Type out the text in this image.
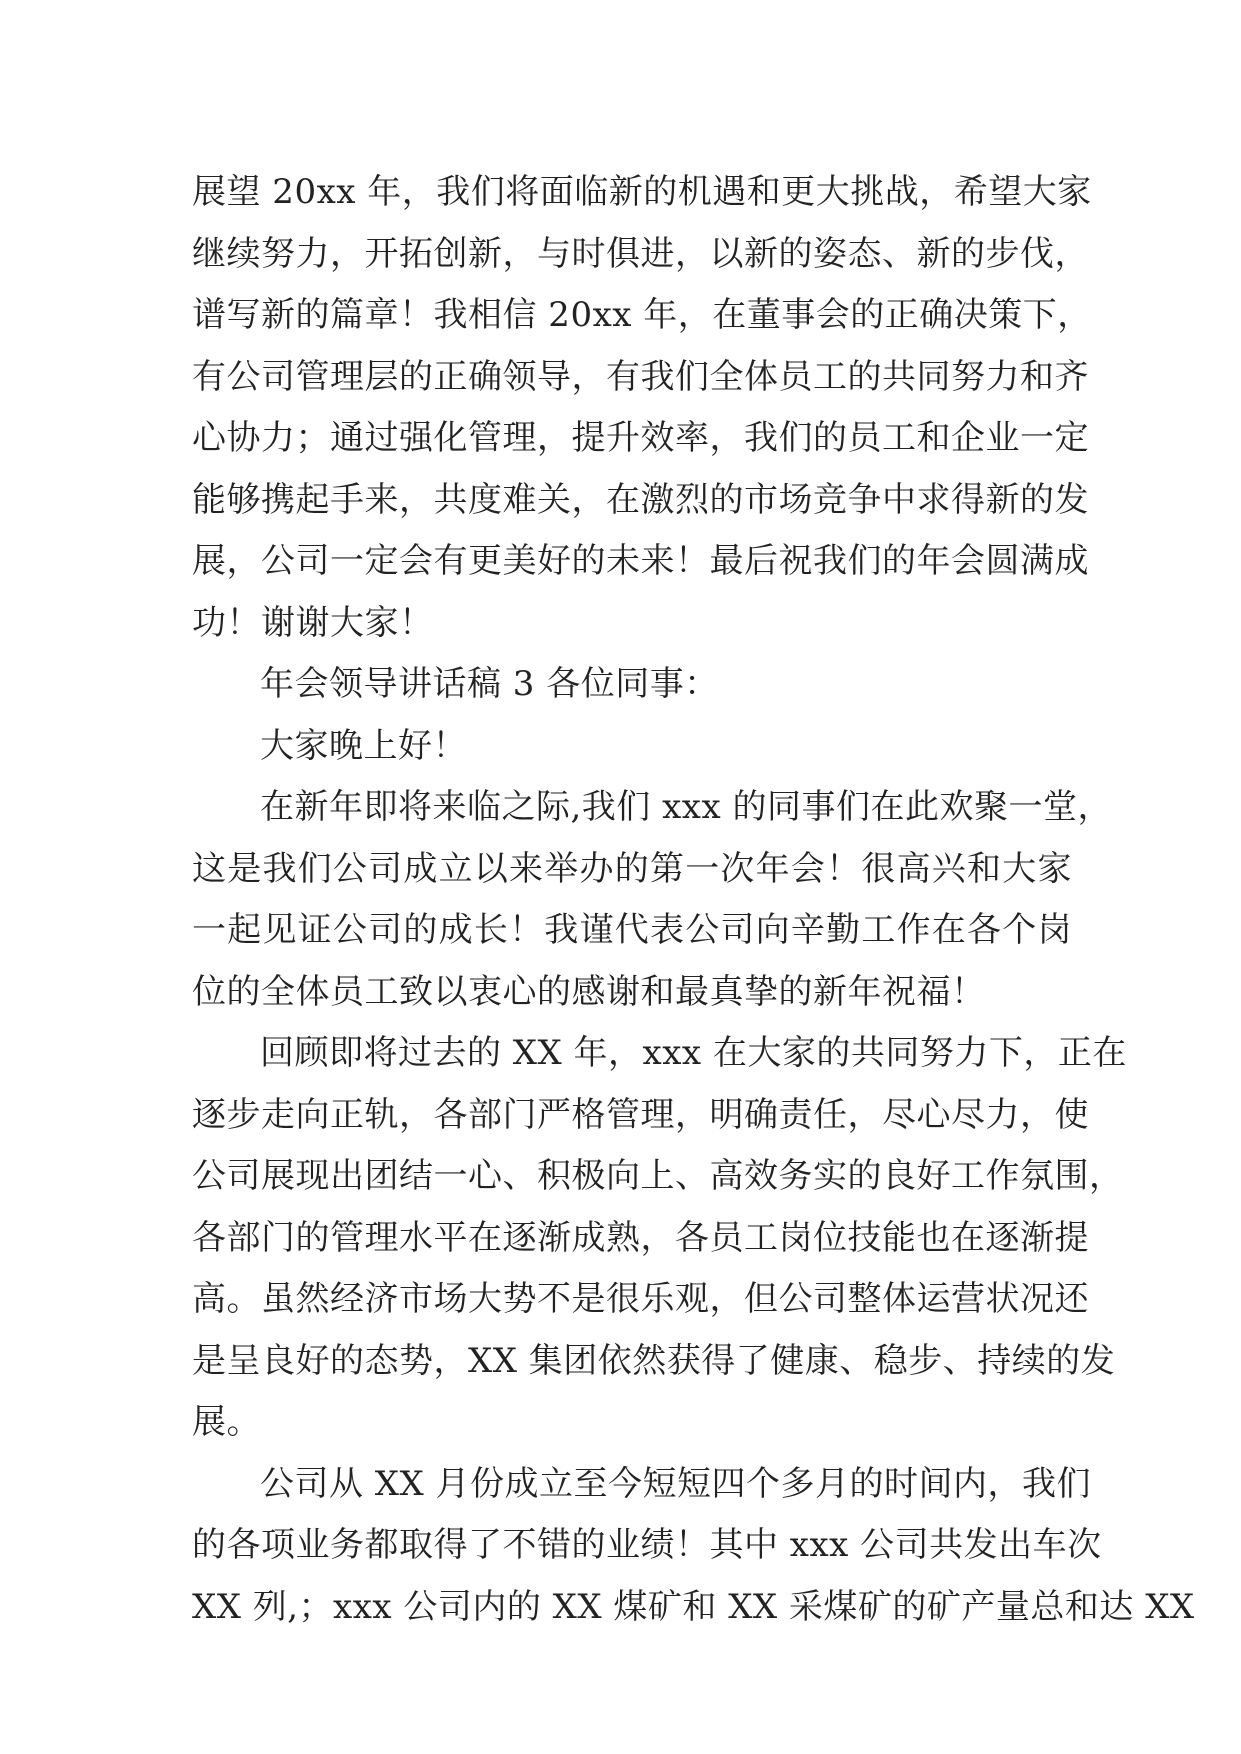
展望 20xx 年，我们将面临新的机遇和更大挑战，希望大家
继续努力，开拓创新，与时俱进，以新的姿态、新的步伐，
谱写新的篇章！我相信 20xx 年，在董事会的正确决策下，
有公司管理层的正确领导，有我们全体员工的共同努力和齐
心协力；通过强化管理，提升效率，我们的员工和企业一定
能够携起手来，共度难关，在激烈的市场竞争中求得新的发
展，公司一定会有更美好的未来！最后祝我们的年会圆满成
功！谢谢大家！
年会领导讲话稿 3 各位同事：
大家晚上好！
在新年即将来临之际,我们 xxx 的同事们在此欢聚一堂，
这是我们公司成立以来举办的第一次年会！很高兴和大家
一起见证公司的成长！我谨代表公司向辛勤工作在各个岗
位的全体员工致以衷心的感谢和最真挚的新年祝福！
回顾即将过去的 XX 年，xxx 在大家的共同努力下，正在
逐步走向正轨，各部门严格管理，明确责任，尽心尽力，使
公司展现出团结一心、积极向上、高效务实的良好工作氛围，
各部门的管理水平在逐渐成熟，各员工岗位技能也在逐渐提
高。虽然经济市场大势不是很乐观，但公司整体运营状况还
是呈良好的态势，XX 集团依然获得了健康、稳步、持续的发
展。
公司从 XX 月份成立至今短短四个多月的时间内，我们
的各项业务都取得了不错的业绩！其中 xxx 公司共发出车次
XX 列,；xxx 公司内的 XX 煤矿和 XX 采煤矿的矿产量总和达 XX
